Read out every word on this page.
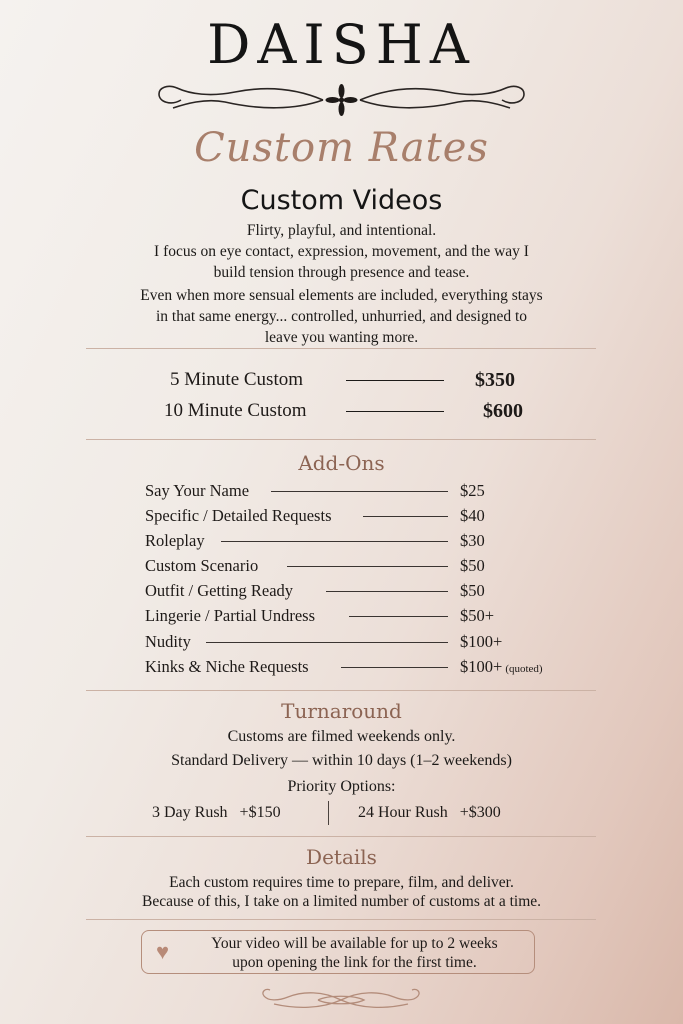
DAISHA
Custom Rates
Custom Videos
Flirty, playful, and intentional.
I focus on eye contact, expression, movement, and the way I
build tension through presence and tease.
Even when more sensual elements are included, everything stays
in that same energy... controlled, unhurried, and designed to
leave you wanting more.
5 Minute Custom	$350
10 Minute Custom	$600
Add-Ons
Say Your Name	$25
Specific / Detailed Requests	$40
Roleplay	$30
Custom Scenario	$50
Outfit / Getting Ready	$50
Lingerie / Partial Undress	$50+
Nudity	$100+
Kinks & Niche Requests	$100+ (quoted)
Turnaround
Customs are filmed weekends only.
Standard Delivery — within 10 days (1–2 weekends)
Priority Options:
3 Day Rush   +$150	24 Hour Rush   +$300
Details
Each custom requires time to prepare, film, and deliver.
Because of this, I take on a limited number of customs at a time.
♥	Your video will be available for up to 2 weeks
upon opening the link for the first time.
